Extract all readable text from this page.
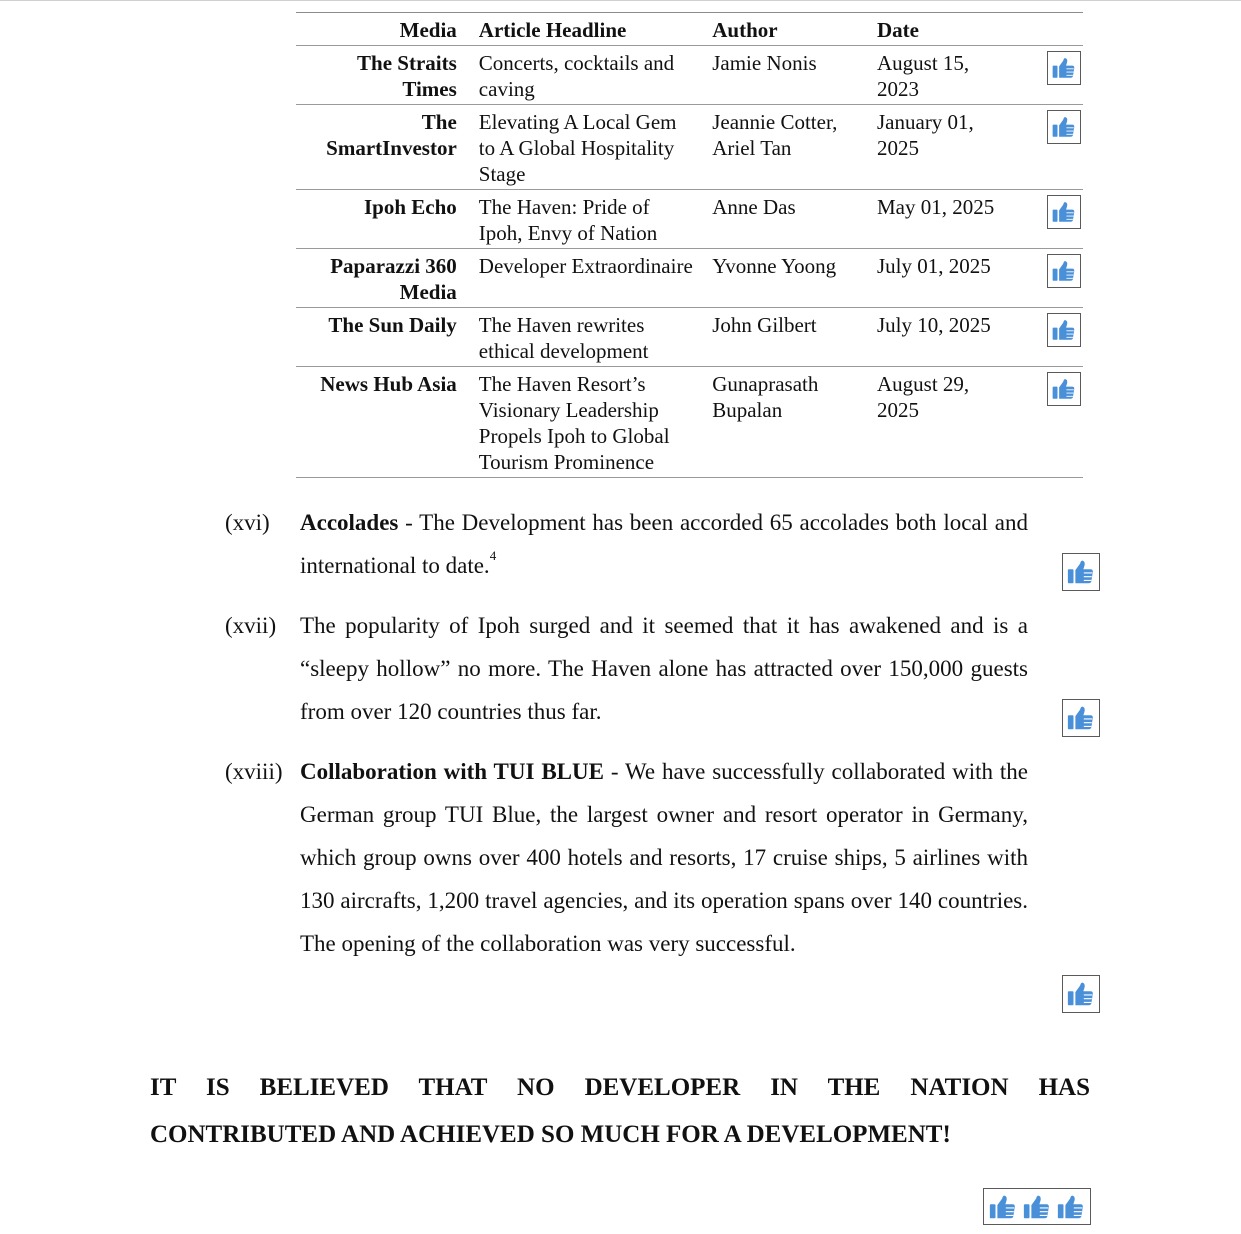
Media	Article Headline	Author	Date	
The Straits Times	Concerts, cocktails and caving	Jamie Nonis	August 15, 2023	

The SmartInvestor	Elevating A Local Gem to A Global Hospitality Stage	Jeannie Cotter, Ariel Tan	January 01, 2025	

Ipoh Echo	The Haven: Pride of Ipoh, Envy of Nation	Anne Das	May 01, 2025	

Paparazzi 360 Media	Developer Extraordinaire	Yvonne Yoong	July 01, 2025	

The Sun Daily	The Haven rewrites ethical development	John Gilbert	July 10, 2025	

News Hub Asia	The Haven Resort’s Visionary Leadership Propels Ipoh to Global Tourism Prominence	Gunaprasath Bupalan	August 29, 2025	
(xvi) Accolades - The Development has been accorded 65 accolades both local and international to date.$^4$
(xvii) The popularity of Ipoh surged and it seemed that it has awakened and is a “sleepy hollow” no more. The Haven alone has attracted over 150,000 guests from over 120 countries thus far.
(xviii) Collaboration with TUI BLUE - We have successfully collaborated with the German group TUI Blue, the largest owner and resort operator in Germany, which group owns over 400 hotels and resorts, 17 cruise ships, 5 airlines with 130 aircrafts, 1,200 travel agencies, and its operation spans over 140 countries. The opening of the collaboration was very successful.
IT IS BELIEVED THAT NO DEVELOPER IN THE NATION HAS
CONTRIBUTED AND ACHIEVED SO MUCH FOR A DEVELOPMENT!
